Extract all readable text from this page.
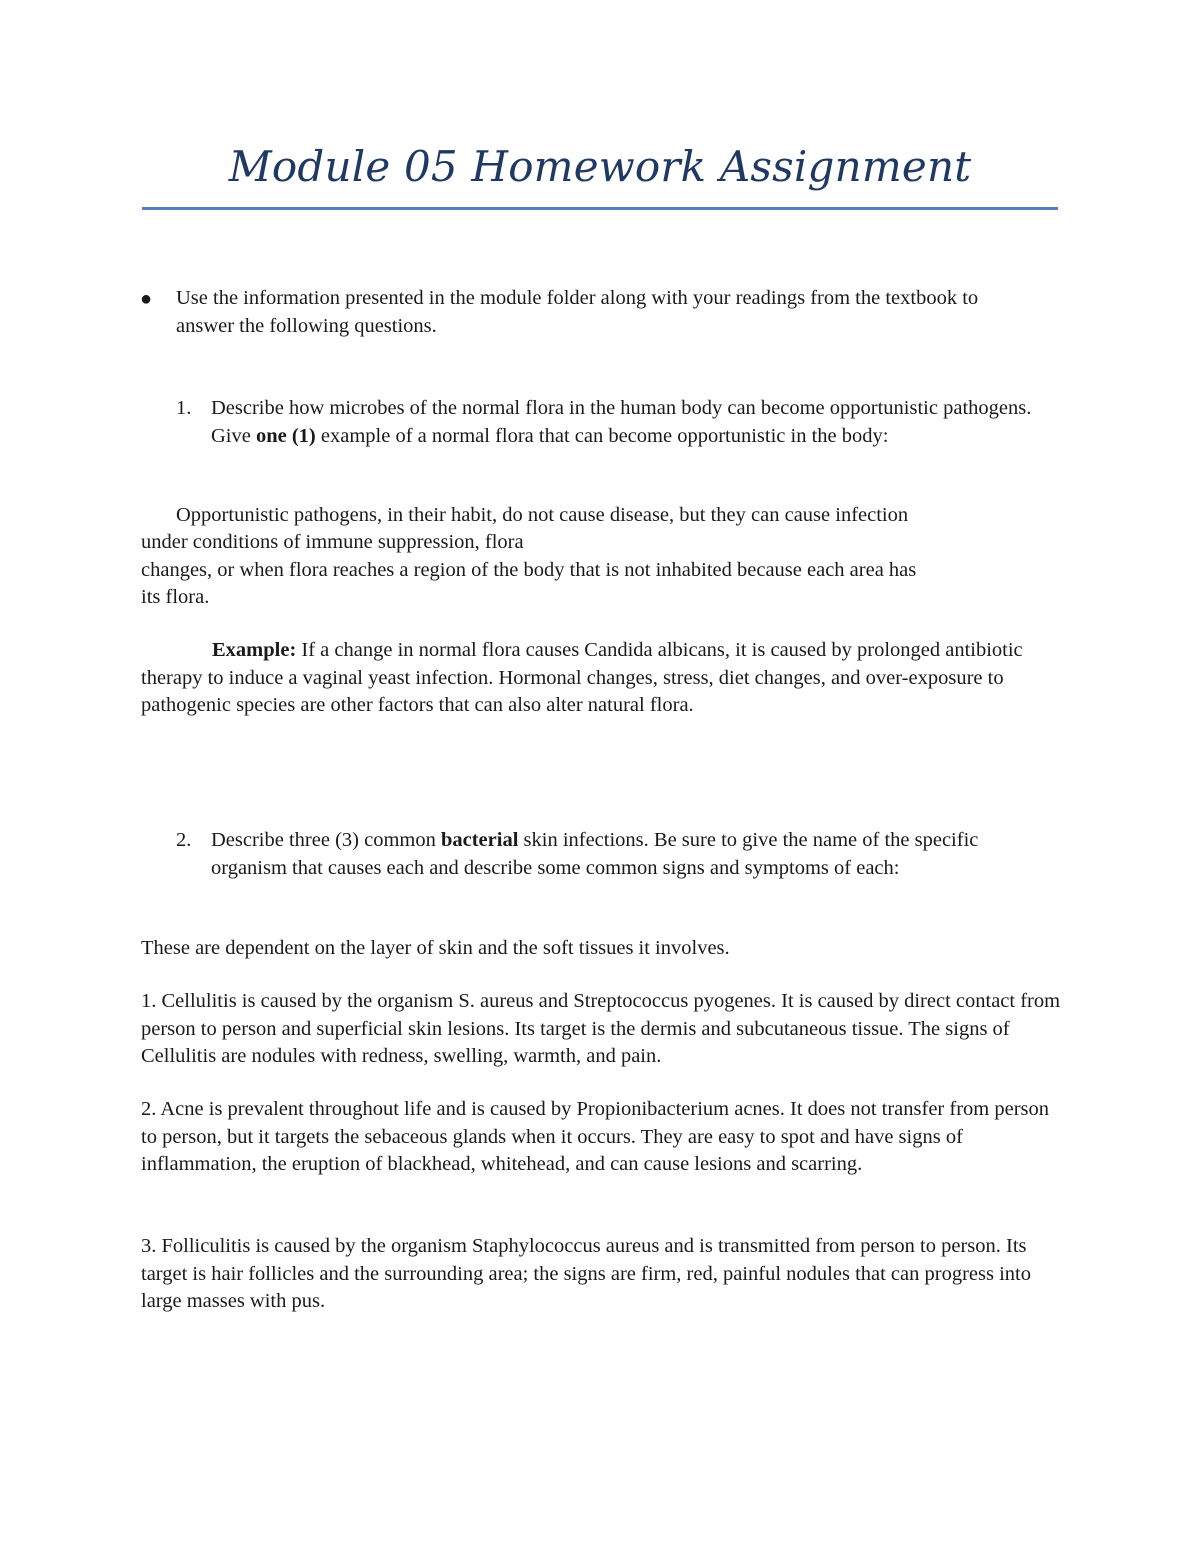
Module 05 Homework Assignment
● Use the information presented in the module folder along with your readings from the textbook to answer the following questions.
1. Describe how microbes of the normal flora in the human body can become opportunistic pathogens. Give one (1) example of a normal flora that can become opportunistic in the body:
Opportunistic pathogens, in their habit, do not cause disease, but they can cause infection
under conditions of immune suppression, flora
changes, or when flora reaches a region of the body that is not inhabited because each area has
its flora.
Example: If a change in normal flora causes Candida albicans, it is caused by prolonged antibiotic therapy to induce a vaginal yeast infection. Hormonal changes, stress, diet changes, and over-exposure to pathogenic species are other factors that can also alter natural flora.
2. Describe three (3) common bacterial skin infections. Be sure to give the name of the specific organism that causes each and describe some common signs and symptoms of each:
These are dependent on the layer of skin and the soft tissues it involves.
1. Cellulitis is caused by the organism S. aureus and Streptococcus pyogenes. It is caused by direct contact from person to person and superficial skin lesions. Its target is the dermis and subcutaneous tissue. The signs of Cellulitis are nodules with redness, swelling, warmth, and pain.
2. Acne is prevalent throughout life and is caused by Propionibacterium acnes. It does not transfer from person to person, but it targets the sebaceous glands when it occurs. They are easy to spot and have signs of inflammation, the eruption of blackhead, whitehead, and can cause lesions and scarring.
3. Folliculitis is caused by the organism Staphylococcus aureus and is transmitted from person to person. Its target is hair follicles and the surrounding area; the signs are firm, red, painful nodules that can progress into large masses with pus.
